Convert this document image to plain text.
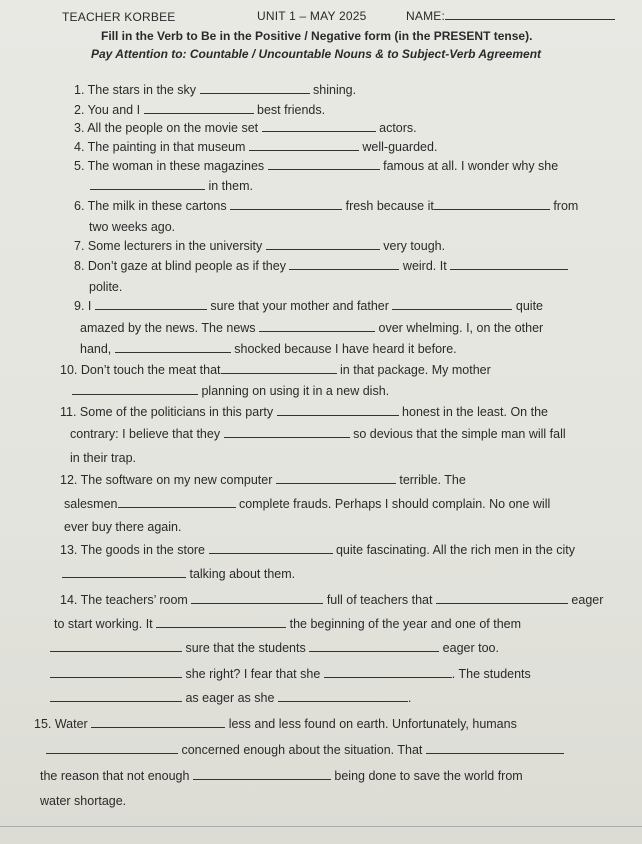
TEACHER KORBEE	UNIT 1 – MAY 2025	NAME:
Fill in the Verb to Be in the Positive / Negative form (in the PRESENT tense).
Pay Attention to: Countable / Uncountable Nouns & to Subject-Verb Agreement
1. The stars in the sky	shining.
2. You and I	best friends.
3. All the people on the movie set	actors.
4. The painting in that museum	well-guarded.
5. The woman in these magazines	famous at all. I wonder why she
in them.
6. The milk in these cartons	fresh because it	from
two weeks ago.
7. Some lecturers in the university	very tough.
8. Don’t gaze at blind people as if they	weird. It
polite.
9. I	sure that your mother and father	quite
amazed by the news. The news	over whelming. I, on the other
hand,	shocked because I have heard it before.
10. Don’t touch the meat that	in that package. My mother
planning on using it in a new dish.
11. Some of the politicians in this party	honest in the least. On the
contrary: I believe that they	so devious that the simple man will fall
in their trap.
12. The software on my new computer	terrible. The
salesmen	complete frauds. Perhaps I should complain. No one will
ever buy there again.
13. The goods in the store	quite fascinating. All the rich men in the city
talking about them.
14. The teachers’ room	full of teachers that	eager
to start working. It	the beginning of the year and one of them
sure that the students	eager too.
she right? I fear that she	. The students
as eager as she	.
15. Water	less and less found on earth. Unfortunately, humans
concerned enough about the situation. That
the reason that not enough	being done to save the world from
water shortage.
